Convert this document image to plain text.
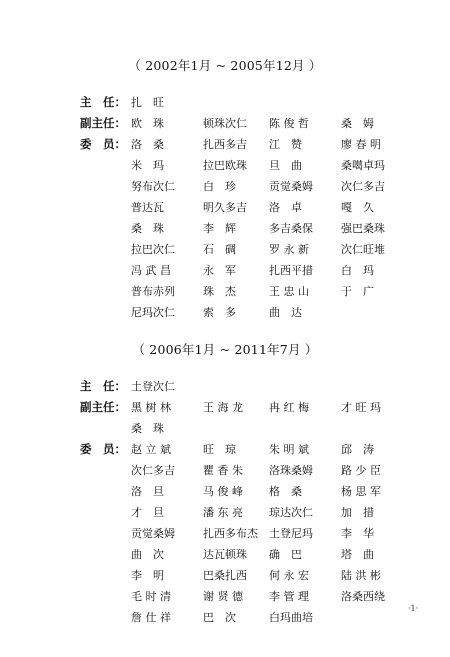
（ 2002年1月 ~ 2005年12月 ）
主　任： 扎　旺
副主任： 欧　珠	顿珠次仁	陈 俊 哲	桑　姆
委　员： 洛　桑	扎西多吉	江　赞	廖 春 明
米　玛	拉巴欧珠	旦　曲	桑噶卓玛
努布次仁	白　珍	贡觉桑姆	次仁多吉
普达瓦	明久多吉	洛　卓	嘎　久
桑　珠	李　辉	多吉桑保	强巴桑珠
拉巴次仁	石　碉	罗 永 新	次仁旺堆
冯 武 昌	永　军	扎西平措	白　玛
普布赤列	珠　杰	王 忠 山	于　广
尼玛次仁	索　多	曲　达
（ 2006年1月 ~ 2011年7月 ）
主　任： 土登次仁
副主任： 黑 树 林	王 海 龙	冉 红 梅	才 旺 玛
桑　珠
委　员： 赵 立 斌	旺　琼	朱 明 斌	邱　涛
次仁多吉	瞿 香 朱	洛珠桑姆	路 少 臣
洛　旦	马 俊 峰	格　桑	杨 思 军
才　旦	潘 东 亮	琼达次仁	加　措
贡觉桑姆	扎西多布杰	土登尼玛	李　华
曲　次	达瓦顿珠	确　巴	塔　曲
李　明	巴桑扎西	何 永 宏	陆 洪 彬
毛 时 清	谢 贤 德	李 管 理	洛桑西绕
詹 仕 祥	巴　次	白玛曲培
·1·
